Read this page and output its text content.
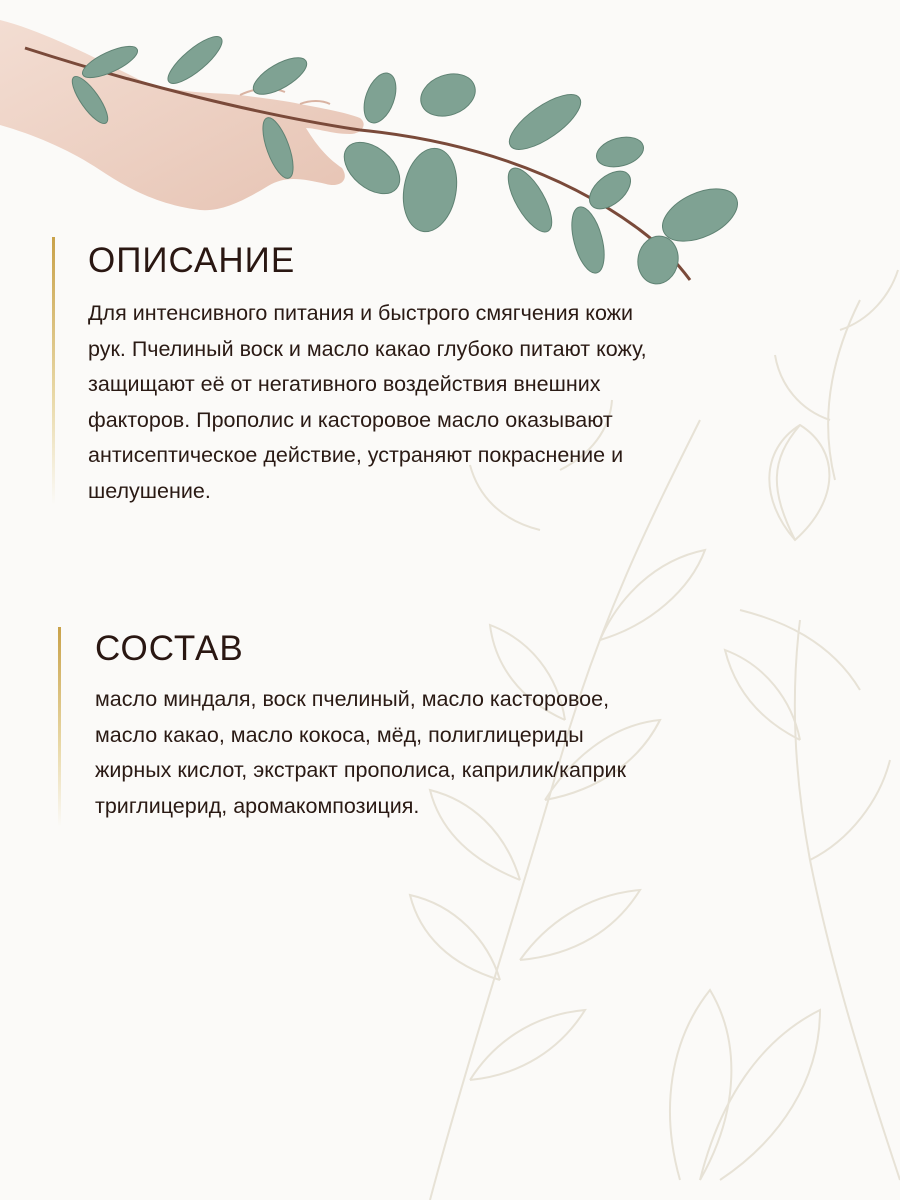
ОПИСАНИЕ

Для интенсивного питания и быстрого смягчения кожи
рук. Пчелиный воск и масло какао глубоко питают кожу,
защищают её от негативного воздействия внешних
факторов. Прополис и касторовое масло оказывают
антисептическое действие, устраняют покраснение и
шелушение.

СОСТАВ

масло миндаля, воск пчелиный, масло касторовое,
масло какао, масло кокоса, мёд, полиглицериды
жирных кислот, экстракт прополиса, каприлик/каприк
триглицерид, аромакомпозиция.
